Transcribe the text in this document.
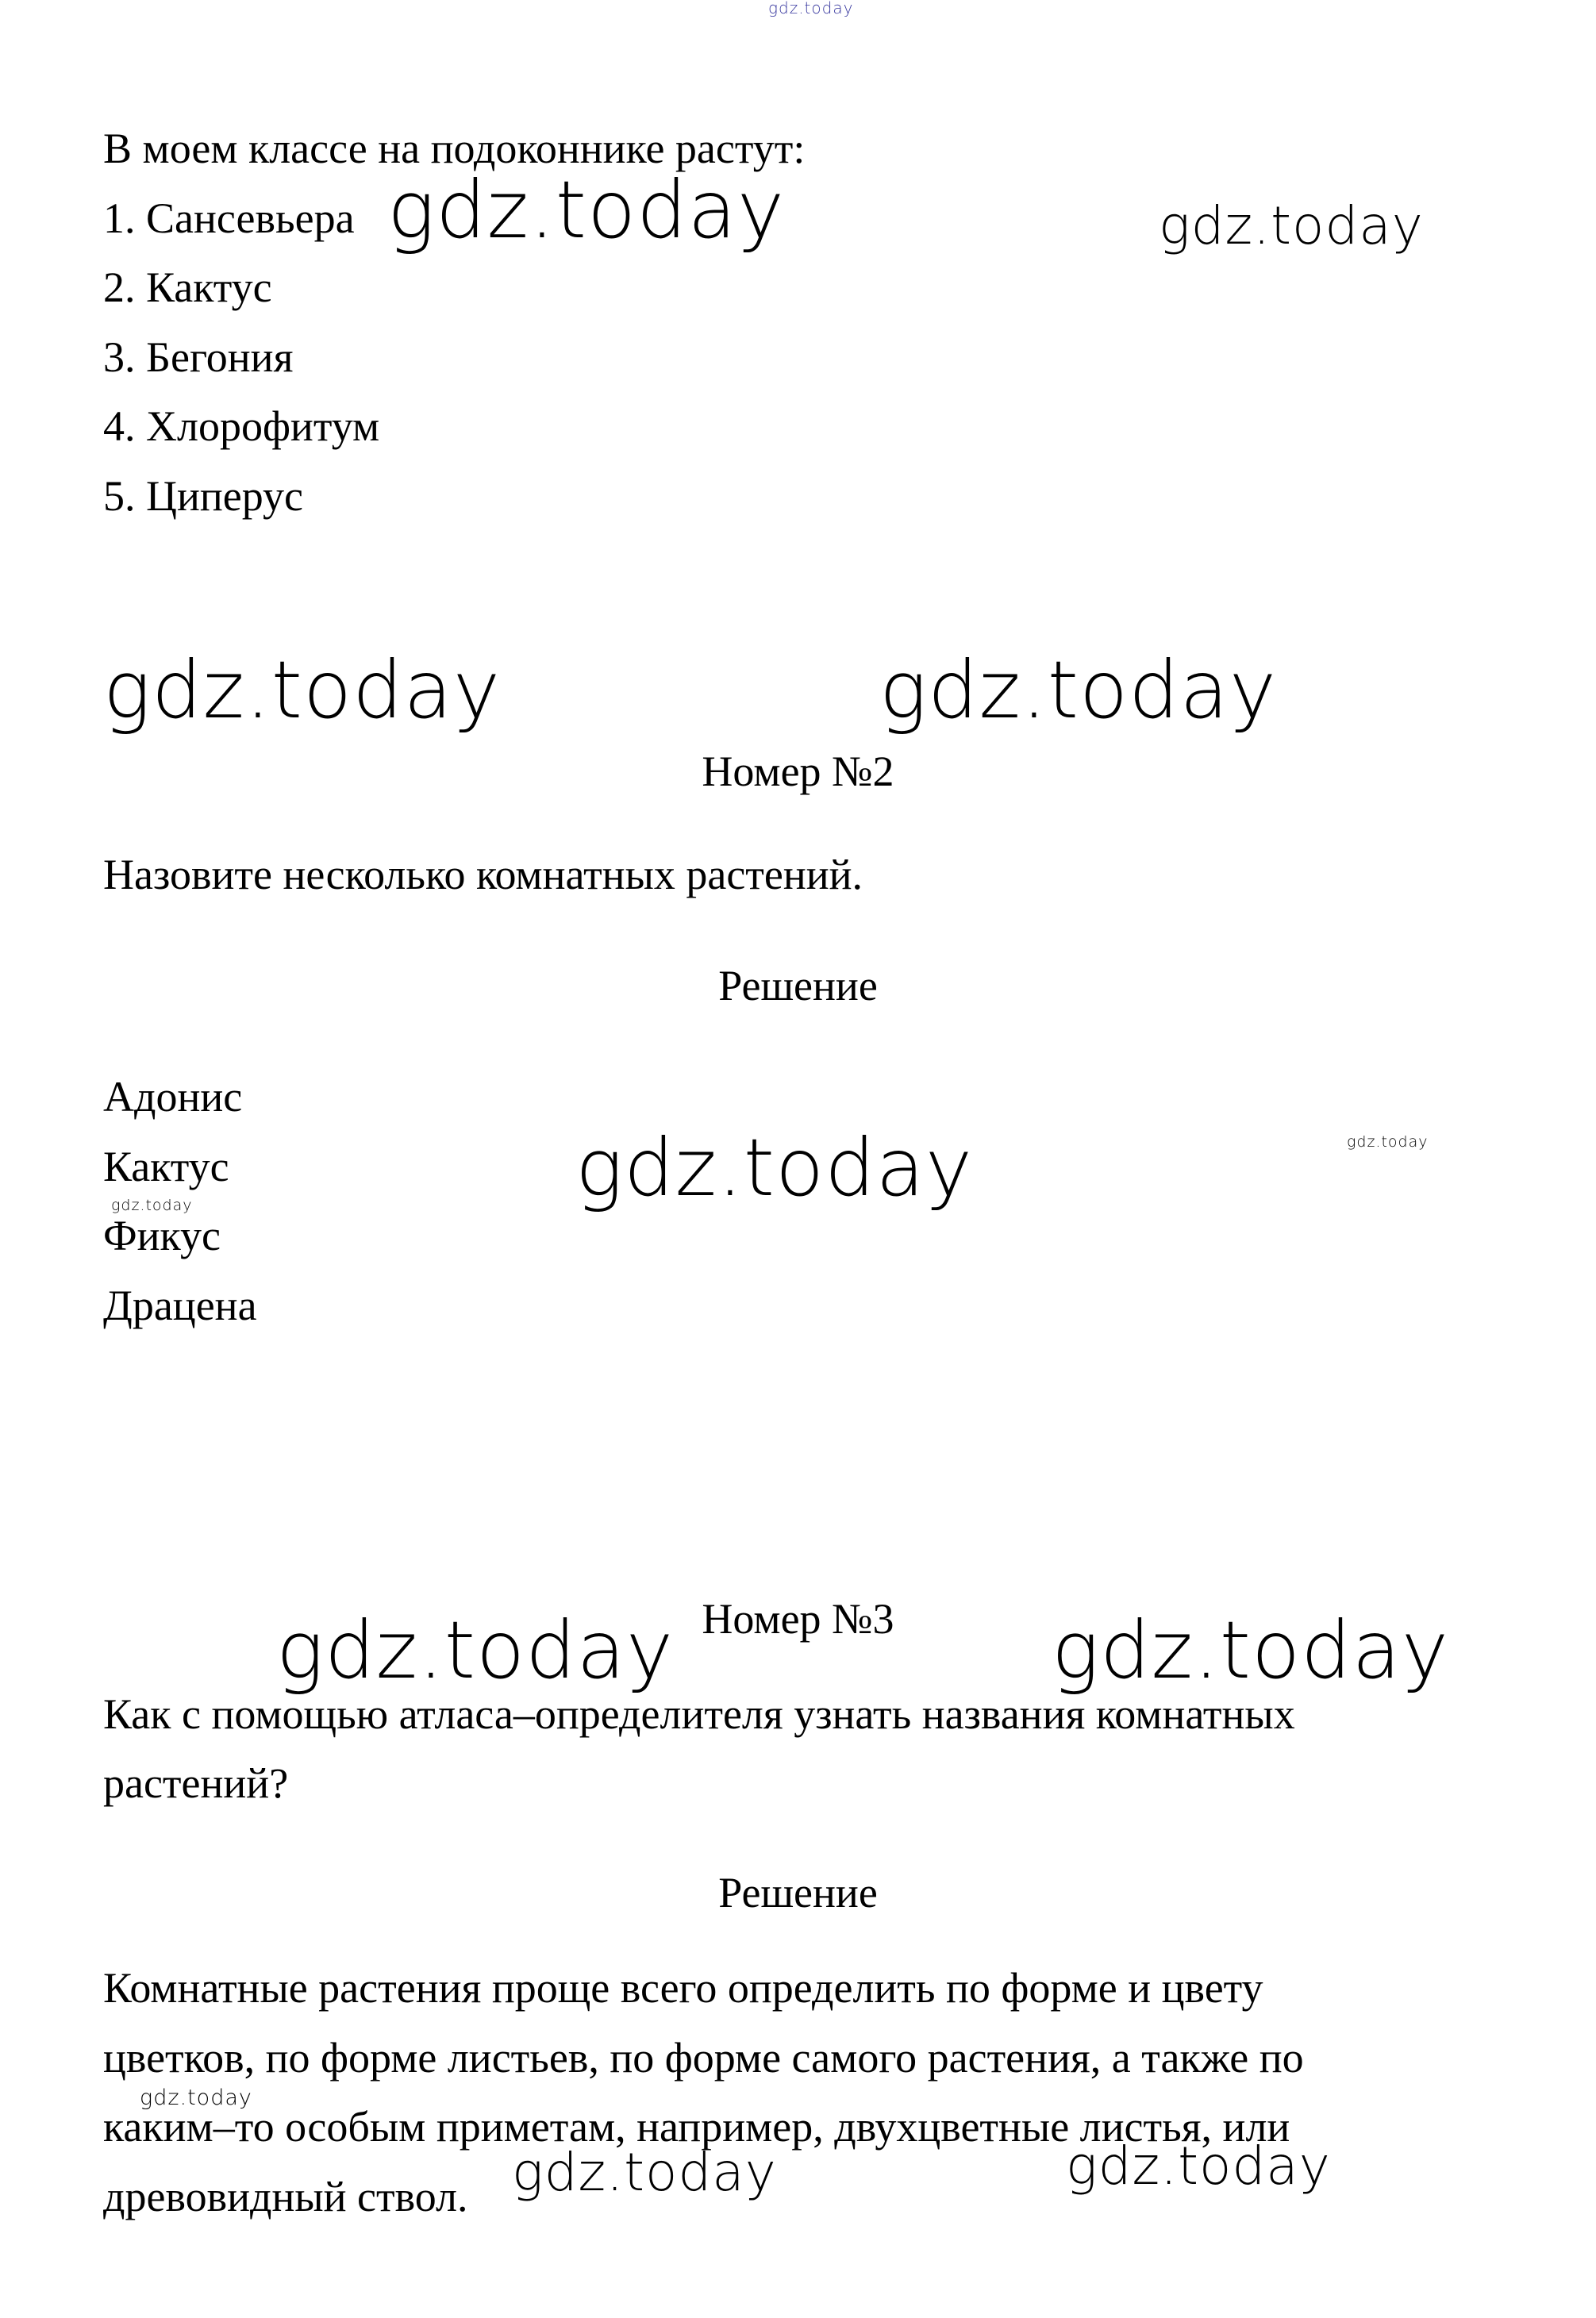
gdz.today
В моем классе на подоконнике растут:
1. Сансевьера
2. Кактус
3. Бегония
4. Хлорофитум
5. Циперус
gdz.today	gdz.today
gdz.today	gdz.today
Номер №2
Назовите несколько комнатных растений.
Решение
Адонис
Кактус
Фикус
Драцена
gdz.today	gdz.today
gdz.today
Номер №3
gdz.today	gdz.today
Как с помощью атласа–определителя узнать названия комнатных
растений?
Решение
Комнатные растения проще всего определить по форме и цвету
цветков, по форме листьев, по форме самого растения, а также по
каким–то особым приметам, например, двухцветные листья, или
древовидный ствол.
gdz.today
gdz.today	gdz.today
